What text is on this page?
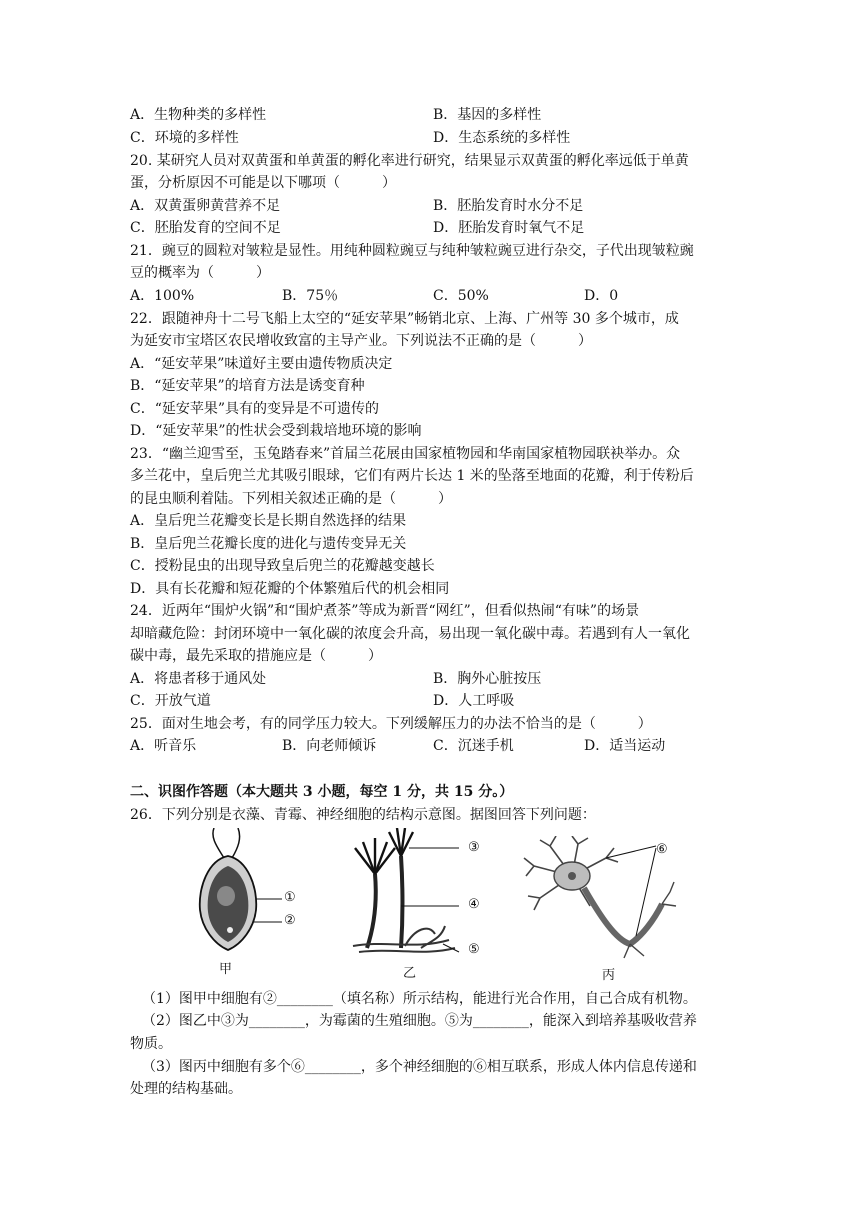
A．生物种类的多样性	B．基因的多样性
C．环境的多样性	D．生态系统的多样性
20. 某研究人员对双黄蛋和单黄蛋的孵化率进行研究，结果显示双黄蛋的孵化率远低于单黄
蛋，分析原因不可能是以下哪项（　　　）
A．双黄蛋卵黄营养不足	B．胚胎发育时水分不足
C．胚胎发育的空间不足	D．胚胎发育时氧气不足
21．豌豆的圆粒对皱粒是显性。用纯种圆粒豌豆与纯种皱粒豌豆进行杂交，子代出现皱粒豌
豆的概率为（　　　）
A．100%	B．75％	C．50%	D．0
22．跟随神舟十二号飞船上太空的“延安苹果”畅销北京、上海、广州等 30 多个城市，成
为延安市宝塔区农民增收致富的主导产业。下列说法不正确的是（　　　）
A．“延安苹果”味道好主要由遗传物质决定
B．“延安苹果”的培育方法是诱变育种
C．“延安苹果”具有的变异是不可遗传的
D．“延安苹果”的性状会受到栽培地环境的影响
23．“幽兰迎雪至，玉兔踏春来”首届兰花展由国家植物园和华南国家植物园联袂举办。众
多兰花中，皇后兜兰尤其吸引眼球，它们有两片长达 1 米的坠落至地面的花瓣，利于传粉后
的昆虫顺利着陆。下列相关叙述正确的是（　　　）
A．皇后兜兰花瓣变长是长期自然选择的结果
B．皇后兜兰花瓣长度的进化与遗传变异无关
C．授粉昆虫的出现导致皇后兜兰的花瓣越变越长
D．具有长花瓣和短花瓣的个体繁殖后代的机会相同
24．近两年“围炉火锅”和“围炉煮茶”等成为新晋“网红”，但看似热闹“有味”的场景
却暗藏危险：封闭环境中一氧化碳的浓度会升高，易出现一氧化碳中毒。若遇到有人一氧化
碳中毒，最先采取的措施应是（　　　）
A．将患者移于通风处	B．胸外心脏按压
C．开放气道	D．人工呼吸
25．面对生地会考，有的同学压力较大。下列缓解压力的办法不恰当的是（　　　）
A．听音乐	B．向老师倾诉	C．沉迷手机	D．适当运动
二、识图作答题（本大题共 3 小题，每空 1 分，共 15 分。）
26．下列分别是衣藻、青霉、神经细胞的结构示意图。据图回答下列问题：
①
②
甲
③
④
⑤
乙
⑥
丙
（1）图甲中细胞有②________（填名称）所示结构，能进行光合作用，自己合成有机物。
（2）图乙中③为________，为霉菌的生殖细胞。⑤为________，能深入到培养基吸收营养
物质。
（3）图丙中细胞有多个⑥________，多个神经细胞的⑥相互联系，形成人体内信息传递和
处理的结构基础。
